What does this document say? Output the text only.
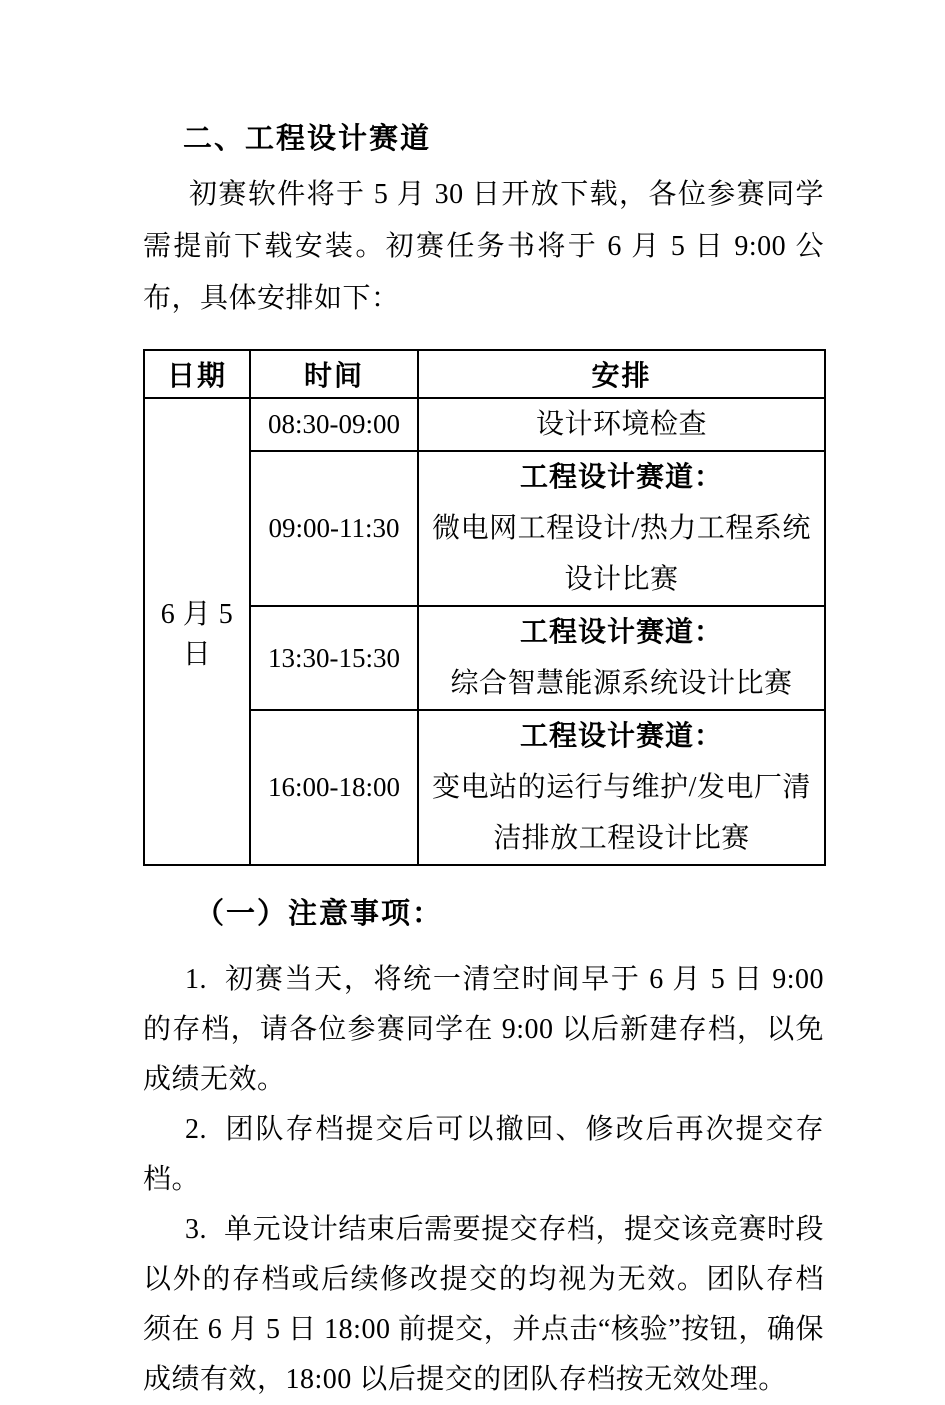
二、工程设计赛道

初赛软件将于 5 月 30 日开放下载，各位参赛同学需提前下载安装。初赛任务书将于 6 月 5 日 9:00 公布，具体安排如下：

日期	时间	安排
6 月 5 日	08:30-09:00	设计环境检查

	09:00-11:30	工程设计赛道：
微电网工程设计/热力工程系统设计比赛

	13:30-15:30	工程设计赛道：
综合智慧能源系统设计比赛

	16:00-18:00	工程设计赛道：
变电站的运行与维护/发电厂清洁排放工程设计比赛
（一）注意事项：

1. 初赛当天，将统一清空时间早于 6 月 5 日 9:00 的存档，请各位参赛同学在 9:00 以后新建存档，以免成绩无效。

2. 团队存档提交后可以撤回、修改后再次提交存档。

3. 单元设计结束后需要提交存档，提交该竞赛时段以外的存档或后续修改提交的均视为无效。团队存档须在 6 月 5 日 18:00 前提交，并点击“核验”按钮，确保成绩有效，18:00 以后提交的团队存档按无效处理。
